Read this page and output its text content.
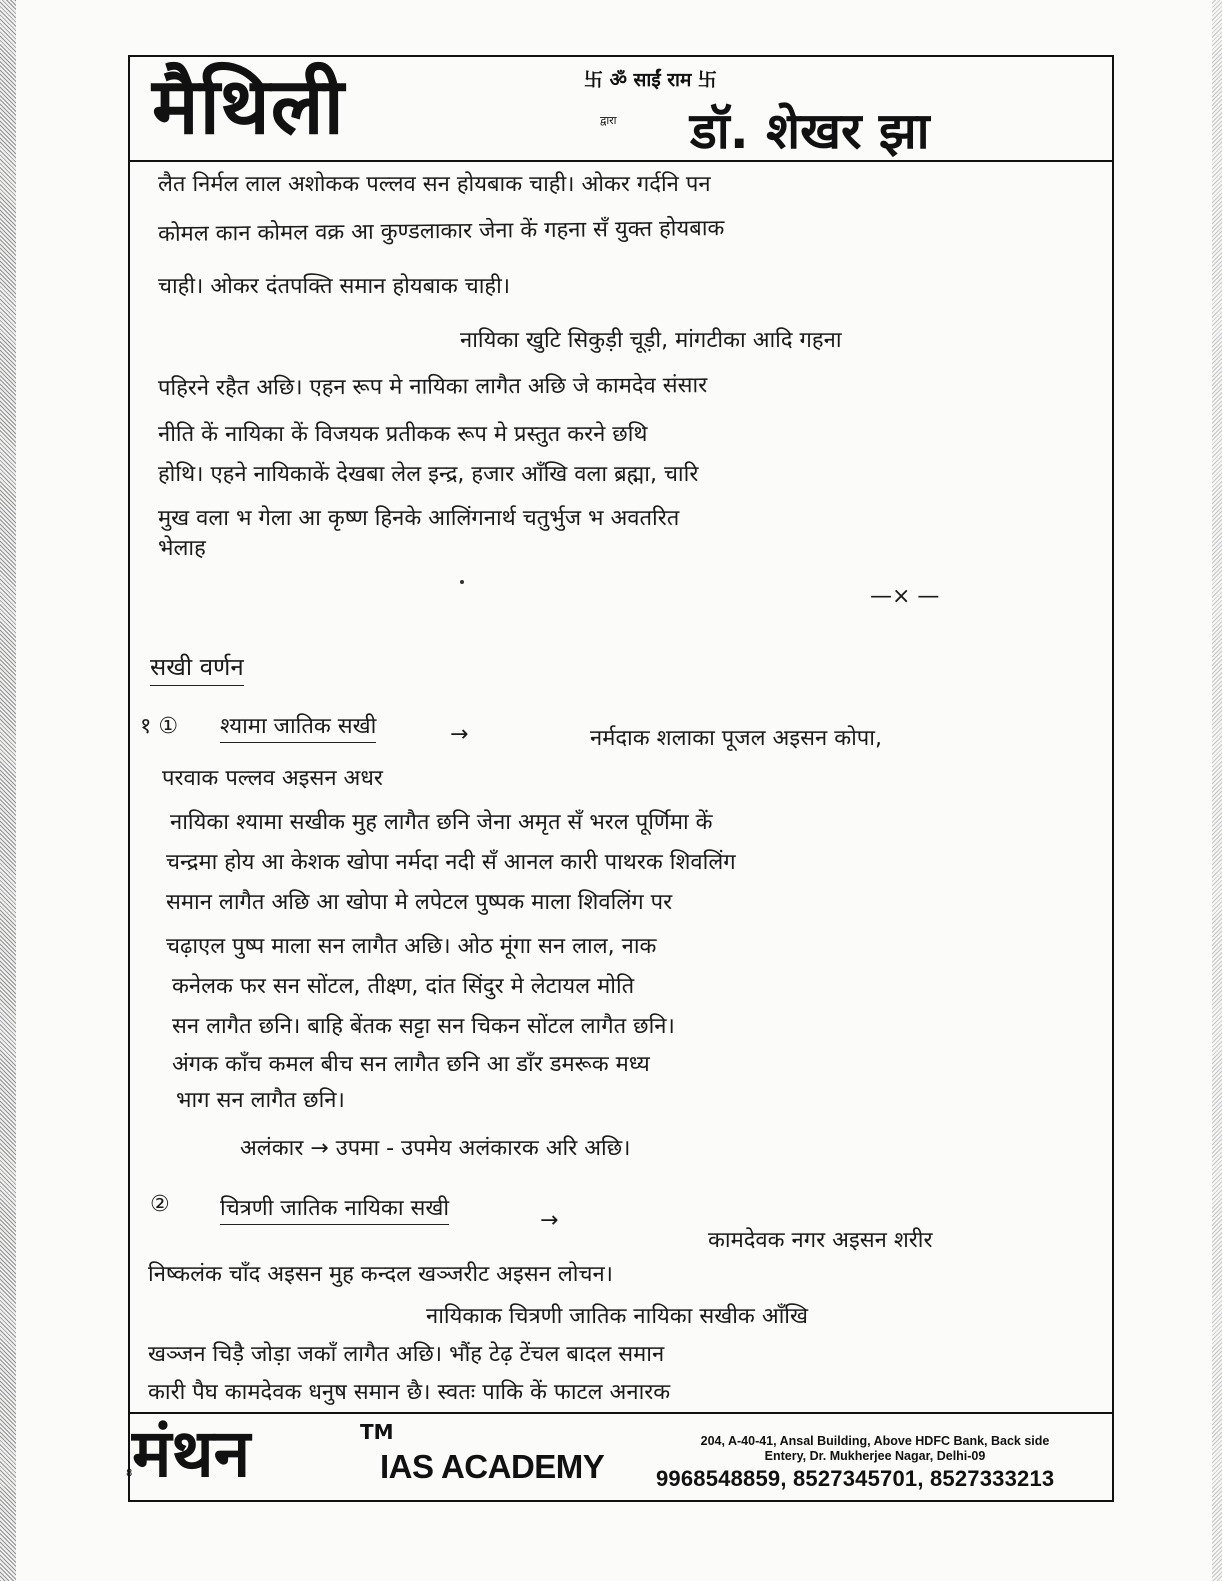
मैथिली	卐 ॐ साईं राम 卐
द्वारा डॉ. शेखर झा
लैत निर्मल लाल अशोकक पल्लव सन होयबाक चाही। ओकर गर्दनि पन
कोमल कान कोमल वक्र आ कुण्डलाकार जेना कें गहना सँ युक्त होयबाक
चाही। ओकर दंतपक्ति समान होयबाक चाही।
नायिका खुटि सिकुड़ी चूड़ी, मांगटीका आदि गहना
पहिरने रहैत अछि। एहन रूप मे नायिका लागैत अछि जे कामदेव संसार
नीति कें नायिका कें विजयक प्रतीकक रूप मे प्रस्तुत करने छथि
होथि। एहने नायिकाकें देखबा लेल इन्द्र, हजार आँखि वला ब्रह्मा, चारि
मुख वला भ गेला आ कृष्ण हिनके आलिंगनार्थ चतुर्भुज भ अवतरित
भेलाह
—× —
सखी वर्णन
१ ① श्यामा जातिक सखी	→	नर्मदाक शलाका पूजल अइसन कोपा,
परवाक पल्लव अइसन अधर
नायिका श्यामा सखीक मुह लागैत छनि जेना अमृत सँ भरल पूर्णिमा कें
चन्द्रमा होय आ केशक खोपा नर्मदा नदी सँ आनल कारी पाथरक शिवलिंग
समान लागैत अछि आ खोपा मे लपेटल पुष्पक माला शिवलिंग पर
चढ़ाएल पुष्प माला सन लागैत अछि। ओठ मूंगा सन लाल, नाक
कनेलक फर सन सोंटल, तीक्ष्ण, दांत सिंदुर मे लेटायल मोति
सन लागैत छनि। बाहि बेंतक सट्टा सन चिकन सोंटल लागैत छनि।
अंगक काँच कमल बीच सन लागैत छनि आ डाँर डमरूक मध्य
भाग सन लागैत छनि।
अलंकार → उपमा - उपमेय अलंकारक अरि अछि।
② चित्रणी जातिक नायिका सखी	→
कामदेवक नगर अइसन शरीर
निष्कलंक चाँद अइसन मुह कन्दल खञ्जरीट अइसन लोचन।
नायिकाक चित्रणी जातिक नायिका सखीक आँखि
खञ्जन चिड़ै जोड़ा जकाँ लागैत अछि। भौंह टेढ़ टेंचल बादल समान
कारी पैघ कामदेवक धनुष समान छै। स्वतः पाकि कें फाटल अनारक
मंथन	TM
IAS ACADEMY
204, A-40-41, Ansal Building, Above HDFC Bank, Back side
Entery, Dr. Mukherjee Nagar, Delhi-09
9968548859, 8527345701, 8527333213
8
